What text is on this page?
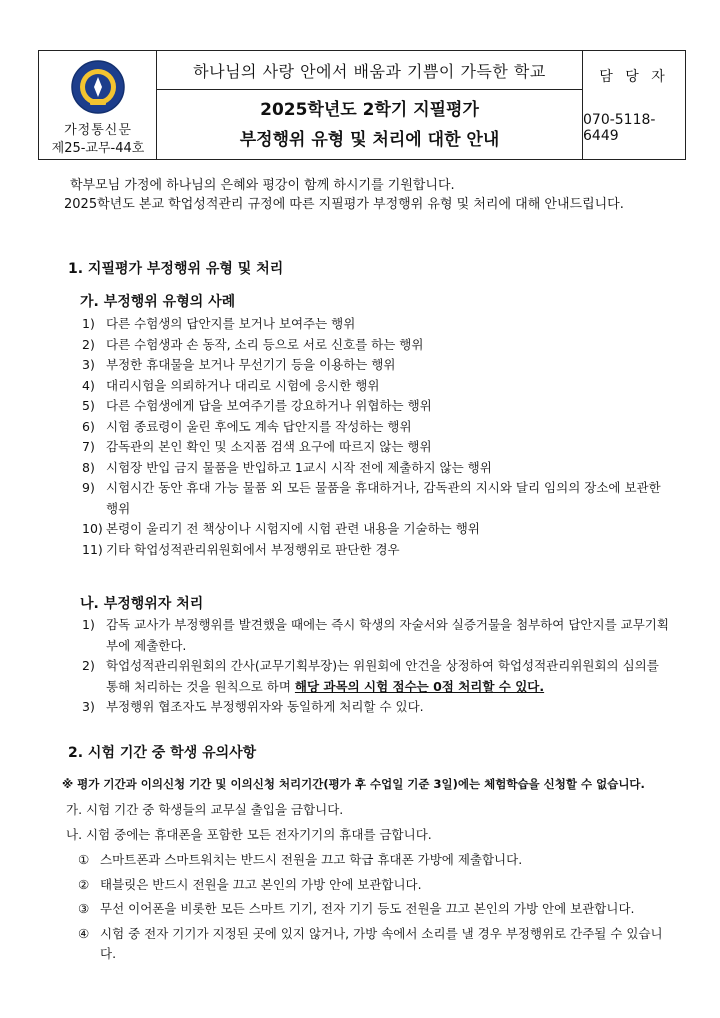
가정통신문
제25-교무-44호
하나님의 사랑 안에서 배움과 기쁨이 가득한 학교
2025학년도 2학기 지필평가
부정행위 유형 및 처리에 대한 안내
담 당 자
070-5118-6449

학부모님 가정에 하나님의 은혜와 평강이 함께 하시기를 기원합니다.

2025학년도 본교 학업성적관리 규정에 따른 지필평가 부정행위 유형 및 처리에 대해 안내드립니다.

1. 지필평가 부정행위 유형 및 처리
가. 부정행위 유형의 사례
1) 다른 수험생의 답안지를 보거나 보여주는 행위
2) 다른 수험생과 손 동작, 소리 등으로 서로 신호를 하는 행위
3) 부정한 휴대물을 보거나 무선기기 등을 이용하는 행위
4) 대리시험을 의뢰하거나 대리로 시험에 응시한 행위
5) 다른 수험생에게 답을 보여주기를 강요하거나 위협하는 행위
6) 시험 종료령이 울린 후에도 계속 답안지를 작성하는 행위
7) 감독관의 본인 확인 및 소지품 검색 요구에 따르지 않는 행위
8) 시험장 반입 금지 물품을 반입하고 1교시 시작 전에 제출하지 않는 행위
9) 시험시간 동안 휴대 가능 물품 외 모든 물품을 휴대하거나, 감독관의 지시와 달리 임의의 장소에 보관한 행위
10) 본령이 울리기 전 책상이나 시험지에 시험 관련 내용을 기술하는 행위
11) 기타 학업성적관리위원회에서 부정행위로 판단한 경우
나. 부정행위자 처리
1) 감독 교사가 부정행위를 발견했을 때에는 즉시 학생의 자술서와 실증거물을 첨부하여 답안지를 교무기획부에 제출한다.
2) 학업성적관리위원회의 간사(교무기획부장)는 위원회에 안건을 상정하여 학업성적관리위원회의 심의를 통해 처리하는 것을 원칙으로 하며 해당 과목의 시험 점수는 0점 처리할 수 있다.
3) 부정행위 협조자도 부정행위자와 동일하게 처리할 수 있다.
2. 시험 기간 중 학생 유의사항
※ 평가 기간과 이의신청 기간 및 이의신청 처리기간(평가 후 수업일 기준 3일)에는 체험학습을 신청할 수 없습니다.
가. 시험 기간 중 학생들의 교무실 출입을 금합니다.
나. 시험 중에는 휴대폰을 포함한 모든 전자기기의 휴대를 금합니다.
① 스마트폰과 스마트워치는 반드시 전원을 끄고 학급 휴대폰 가방에 제출합니다.
② 태블릿은 반드시 전원을 끄고 본인의 가방 안에 보관합니다.
③ 무선 이어폰을 비롯한 모든 스마트 기기, 전자 기기 등도 전원을 끄고 본인의 가방 안에 보관합니다.
④ 시험 중 전자 기기가 지정된 곳에 있지 않거나, 가방 속에서 소리를 낼 경우 부정행위로 간주될 수 있습니다.
